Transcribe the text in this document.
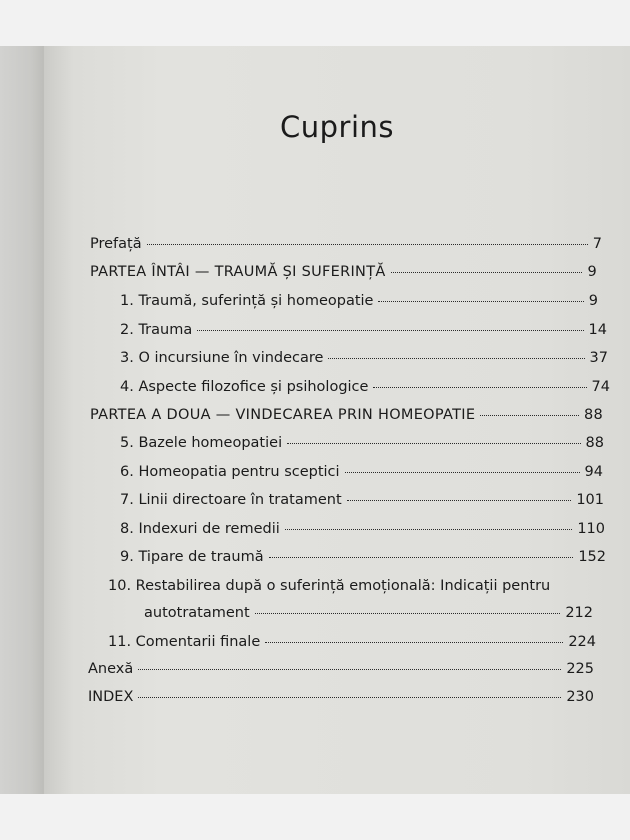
Cuprins
Prefață	7
PARTEA ÎNTÂI — TRAUMĂ ȘI SUFERINȚĂ	9
1. Traumă, suferință și homeopatie	9
2. Trauma	14
3. O incursiune în vindecare	37
4. Aspecte filozofice și psihologice	74
PARTEA A DOUA — VINDECAREA PRIN HOMEOPATIE	88
5. Bazele homeopatiei	88
6. Homeopatia pentru sceptici	94
7. Linii directoare în tratament	101
8. Indexuri de remedii	110
9. Tipare de traumă	152
10. Restabilirea după o suferință emoțională: Indicații pentru
autotratament	212
11. Comentarii finale	224
Anexă	225
INDEX	230
